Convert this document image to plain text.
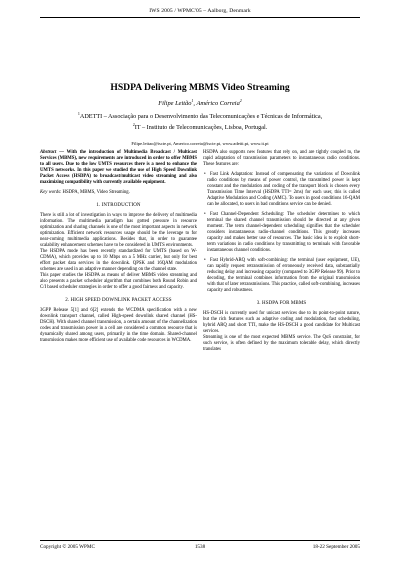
IWS 2005 / WPMC'05 – Aalborg, Denmark
HSDPA Delivering MBMS Video Streaming
Filipe Leitão$^1$, Américo Correia$^2$
$^1$ADETTI – Associação para o Desenvolvimento das Telecomunicações e Técnicas de Informática,
$^2$IT – Instituto de Telecomunicações, Lisboa, Portugal.
Filipe.leitao@iscte.pt, Americo.correia@iscte.pt, www.adetti.pt, www.it.pt

Abstract — With the introduction of Multimedia Broadcast / Multicast Services (MBMS), new requirements are introduced in order to offer MBMS to all users. Due to the low UMTS resources there is a need to enhance the UMTS networks. In this paper we studied the use of High Speed Downlink Packet Access (HSDPA) to broadcast/multicast video streaming and also maximizing compatibility with currently available equipment.

Key words: HSDPA, MBMS, Video Streaming.

1. INTRODUCTION

There is still a lot of investigation in ways to improve the delivery of multimedia information. The multimedia paradigm has gotted pressure in resource optimization and sharing channels is one of the most important aspects in network optimization. Efficient network resources usage should be the leverage to for near-coming multimedia applications. Besides that, in order to guarantee scalability enhancement schemes have to be considered in UMTS environments.

The HSDPA mode has been recently standardized for UMTS (based on W-CDMA), which provides up to 10 Mbps on a 5 MHz carrier, but only for best effort packet data services in the downlink. QPSK and 16QAM modulation schemes are used in an adaptive manner depending on the channel state.

This paper studies the HSDPA as means of deliver MBMS video streaming and also presents a packet scheduler algorithm that combines both Round Robin and C/I based scheduler strategies in order to offer a good fairness and capacity.

2. HIGH SPEED DOWNLINK PACKET ACCESS

3GPP Release 5[1] and 6[2] extends the WCDMA specification with a new downlink transport channel, called High-speed downlink shared channel (HS-DSCH). With shared channel transmission, a certain amount of the channelization codes and transmission power in a cell are considered a common resource that is dynamically shared among users, primarily in the time domain. Shared-channel transmission makes more efficient use of available code resources in WCDMA.

HSDPA also supports new features that rely on, and are tightly coupled to, the rapid adaptation of transmission parameters to instantaneous radio conditions. These features are:

• Fast Link Adaptation: Instead of compensating the variations of Downlink radio conditions by means of power control, the transmitted power is kept constant and the modulation and coding of the transport block is chosen every Transmission Time Interval (HSDPA TTI= 2ms) for each user, this is called Adaptive Modulation and Coding (AMC). To users in good conditions 16-QAM can be allocated, to users in bad conditions service can be denied.

• Fast Channel-Dependent Scheduling: The scheduler determines to which terminal the shared channel transmission should be directed at any given moment. The term channel-dependent scheduling signifies that the scheduler considers instantaneous radio-channel conditions. This greatly increases capacity and makes better use of resources. The basic idea is to exploit short-term variations in radio conditions by transmitting to terminals with favorable instantaneous channel conditions.

• Fast Hybrid-ARQ with soft-combining: the terminal (user equipment, UE), can rapidly request retransmission of erroneously received data, substantially reducing delay and increasing capacity (compared to 3GPP Release 99). Prior to decoding, the terminal combines information from the original transmission with that of later retransmissions. This practice, called soft-combining, increases capacity and robustness.

3. HSDPA FOR MBMS

HS-DSCH is currently used for unicast services due to its point-to-point nature, but the rich features such as adaptive coding and modulation, fast scheduling, hybrid ARQ and short TTI, make the HS-DSCH a good candidate for Multicast services.

Streaming is one of the most expected MBMS service. The QoS constraint, for such service, is often defined by the maximum tolerable delay, which directly translates

Copyright © 2005 WPMC	1538	18-22 September 2005
